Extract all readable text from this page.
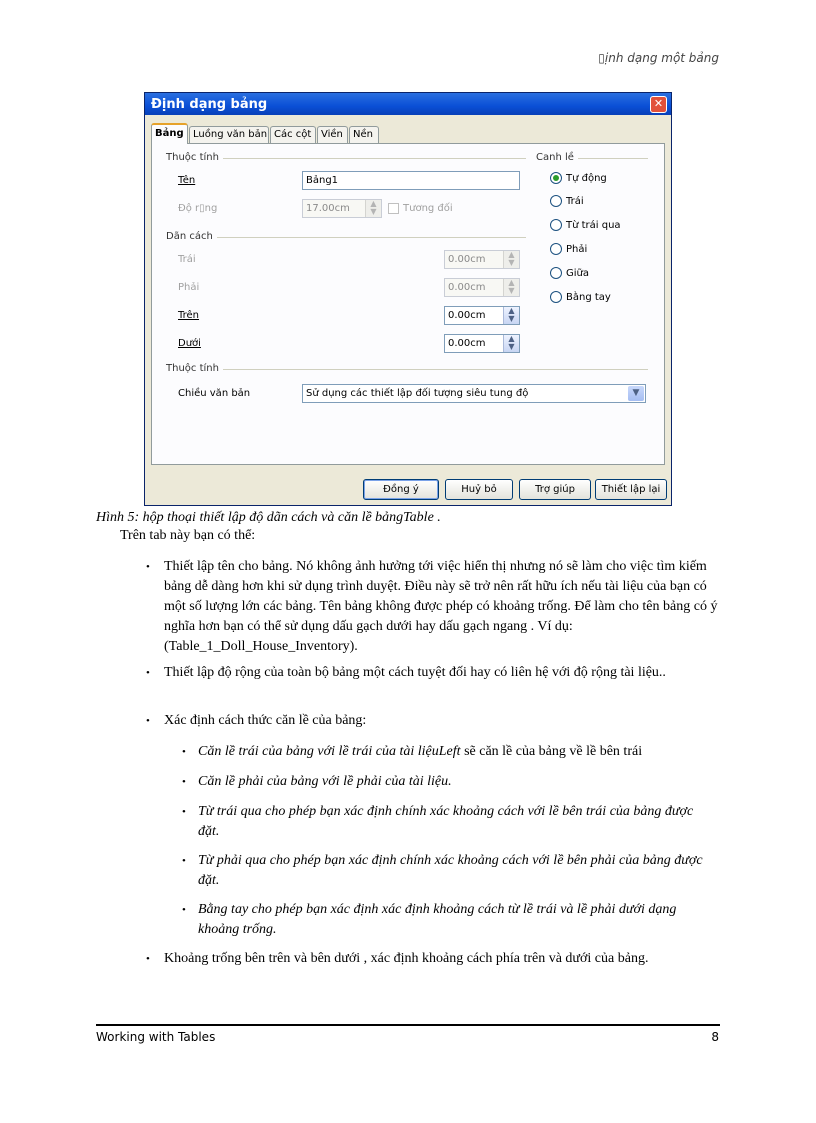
▯ịnh dạng một bảng
Định dạng bảng	✕
Bảng Luồng văn bản Các cột Viền	Nền
Thuộc tính
Tên	Bảng1
Độ r▯ng	17.00cm	▲
▼	Tương đối
Dãn cách
Trái	0.00cm	▲
▼
Phải	0.00cm	▲
▼
Trên	0.00cm	▲
▼
Dưới	0.00cm	▲
▼
Thuộc tính
Chiều văn bản	Sử dụng các thiết lập đối tượng siêu tung độ	▼
Canh lề
Tự động
Trái
Từ trái qua
Phải
Giữa
Bằng tay
Đồng ý	Huỷ bỏ	Trợ giúp	Thiết lập lại
Hình 5: hộp thoại thiết lập độ dãn cách và căn lề bảngTable .
Trên tab này bạn có thể:
• Thiết lập tên cho bảng. Nó không ảnh hưởng tới việc hiển thị nhưng nó sẽ làm cho việc tìm kiếm bảng dễ dàng hơn khi sử dụng trình duyệt. Điều này sẽ trở nên rất hữu ích nếu tài liệu của bạn có một số lượng lớn các bảng. Tên bảng không được phép có khoảng trống. Để làm cho tên bảng có ý nghĩa hơn bạn có thể sử dụng dấu gạch dưới hay dấu gạch ngang . Ví dụ:(Table_1_Doll_House_Inventory).
• Thiết lập độ rộng của toàn bộ bảng một cách tuyệt đối hay có liên hệ với độ rộng tài liệu..
• Xác định cách thức căn lề của bảng:
• Căn lề trái của bảng với lề trái của tài liệuLeft sẽ căn lề của bảng về lề bên trái
• Căn lề phải của bảng với lề phải của tài liệu.
• Từ trái qua cho phép bạn xác định chính xác khoảng cách với lề bên trái của bảng được đặt.
• Từ phải qua cho phép bạn xác định chính xác khoảng cách với lề bên phải của bảng được đặt.
• Bằng tay cho phép bạn xác định xác định khoảng cách từ lề trái và lề phải dưới dạng khoảng trống.
• Khoảng trống bên trên và bên dưới , xác định khoảng cách phía trên và dưới của bảng.
Working with Tables	8
